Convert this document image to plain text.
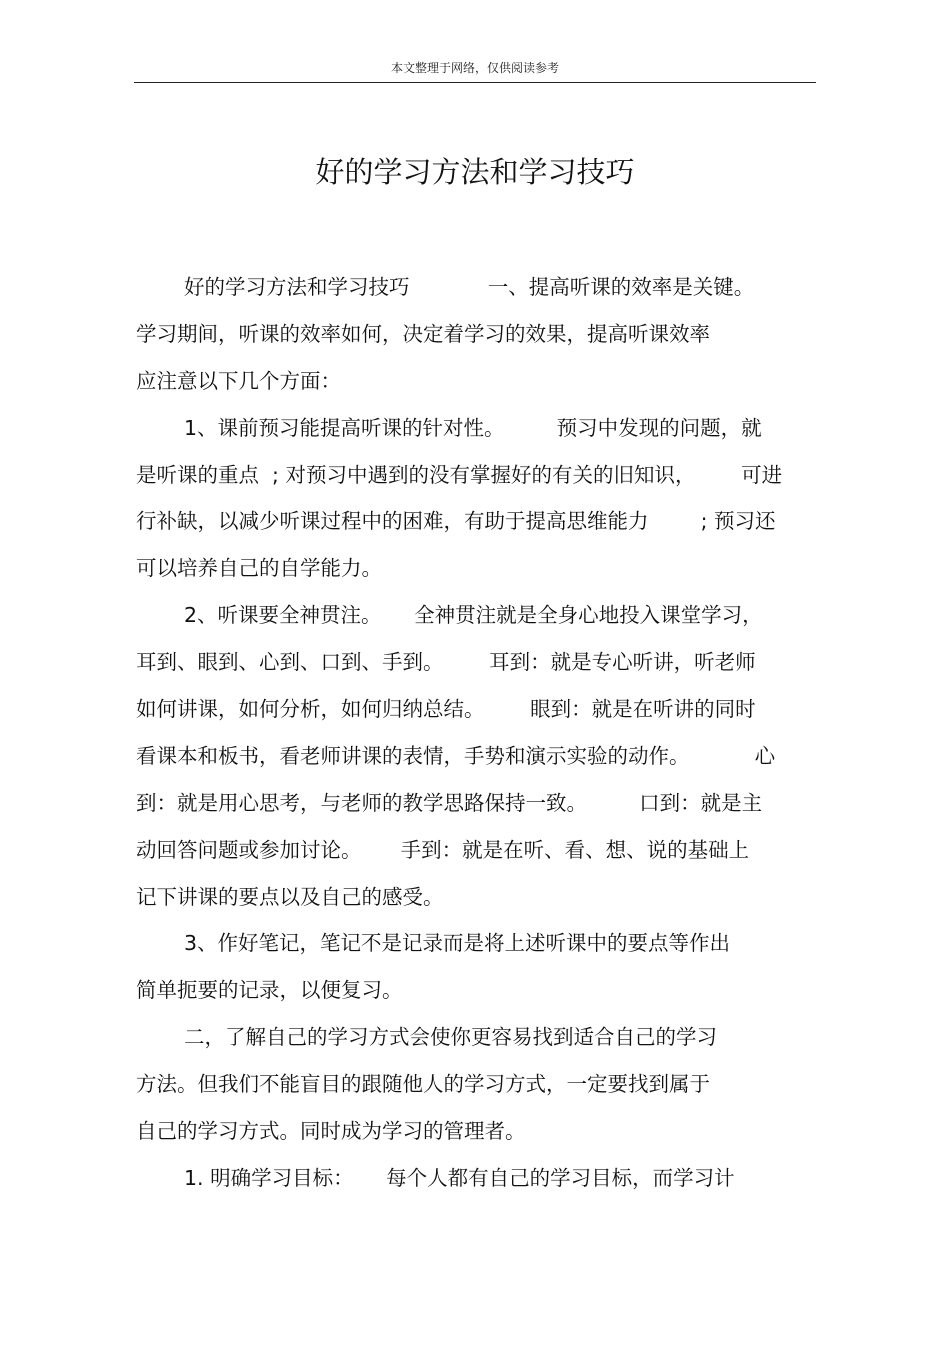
本文整理于网络，仅供阅读参考
好的学习方法和学习技巧
好的学习方法和学习技巧            一、提高听课的效率是关键。
学习期间，听课的效率如何，决定着学习的效果，提高听课效率
应注意以下几个方面：
1、课前预习能提高听课的针对性。        预习中发现的问题，就
是听课的重点  ; 对预习中遇到的没有掌握好的有关的旧知识，       可进
行补缺，以减少听课过程中的困难，有助于提高思维能力        ; 预习还
可以培养自己的自学能力。
2、听课要全神贯注。     全神贯注就是全身心地投入课堂学习，
耳到、眼到、心到、口到、手到。       耳到：就是专心听讲，听老师
如何讲课，如何分析，如何归纳总结。       眼到：就是在听讲的同时
看课本和板书，看老师讲课的表情，手势和演示实验的动作。          心
到：就是用心思考，与老师的教学思路保持一致。        口到：就是主
动回答问题或参加讨论。      手到：就是在听、看、想、说的基础上
记下讲课的要点以及自己的感受。
3、作好笔记，笔记不是记录而是将上述听课中的要点等作出
简单扼要的记录，以便复习。
二，了解自己的学习方式会使你更容易找到适合自己的学习
方法。但我们不能盲目的跟随他人的学习方式，一定要找到属于
自己的学习方式。同时成为学习的管理者。
1. 明确学习目标：     每个人都有自己的学习目标，而学习计
